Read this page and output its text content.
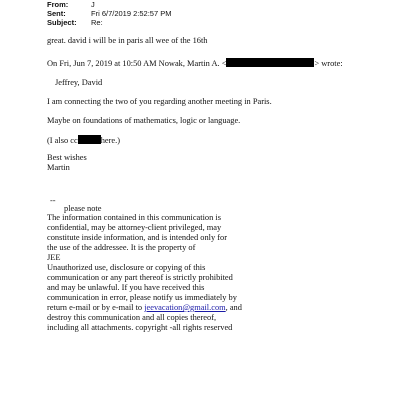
From:	J
Sent:	Fri 6/7/2019 2:52:57 PM
Subject: Re:
great. david i will be in paris all wee of the 16th
On Fri, Jun 7, 2019 at 10:50 AM Nowak, Martin A. <	> wrote:
Jeffrey, David
I am connecting the two of you regarding another meeting in Paris.
Maybe on foundations of mathematics, logic or language.
(I also cc	here.)
Best wishes
Martin
--
please note
The information contained in this communication is
confidential, may be attorney-client privileged, may
constitute inside information, and is intended only for
the use of the addressee. It is the property of
JEE
Unauthorized use, disclosure or copying of this
communication or any part thereof is strictly prohibited
and may be unlawful. If you have received this
communication in error, please notify us immediately by
return e-mail or by e-mail to jeevacation@gmail.com, and
destroy this communication and all copies thereof,
including all attachments. copyright -all rights reserved
